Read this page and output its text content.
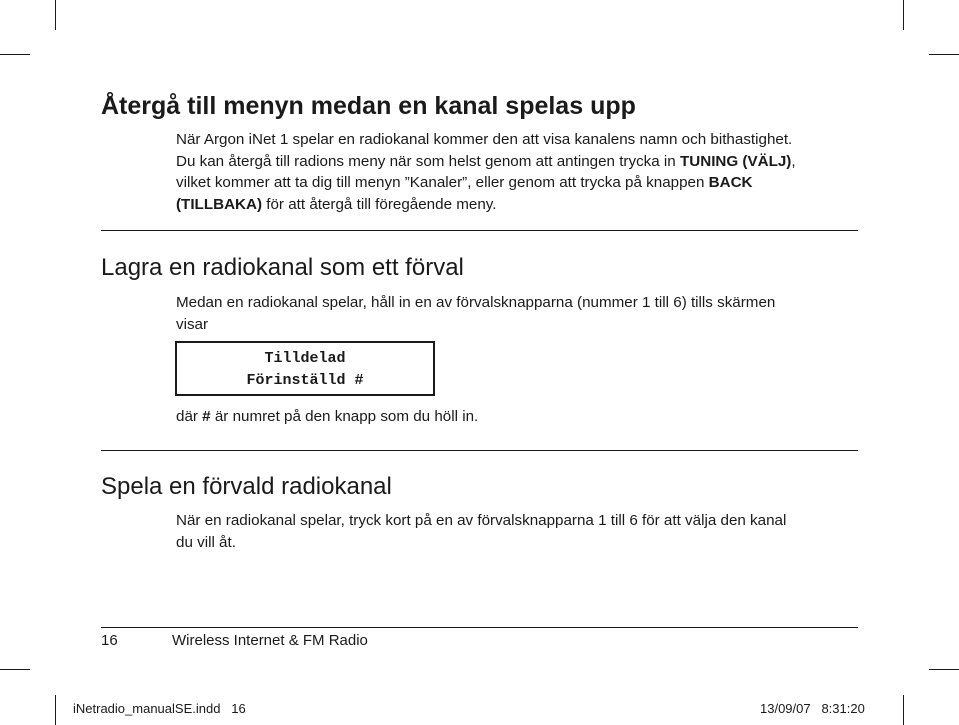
Återgå till menyn medan en kanal spelas upp
När Argon iNet 1 spelar en radiokanal kommer den att visa kanalens namn och bithastighet.
Du kan återgå till radions meny när som helst genom att antingen trycka in TUNING (VÄLJ),
vilket kommer att ta dig till menyn ”Kanaler”, eller genom att trycka på knappen BACK
(TILLBAKA) för att återgå till föregående meny.
Lagra en radiokanal som ett förval
Medan en radiokanal spelar, håll in en av förvalsknapparna (nummer 1 till 6) tills skärmen
visar
Tilldelad
Förinställd #
där # är numret på den knapp som du höll in.
Spela en förvald radiokanal
När en radiokanal spelar, tryck kort på en av förvalsknapparna 1 till 6 för att välja den kanal
du vill åt.
16	Wireless Internet & FM Radio
iNetradio_manualSE.indd   16	13/09/07   8:31:20
